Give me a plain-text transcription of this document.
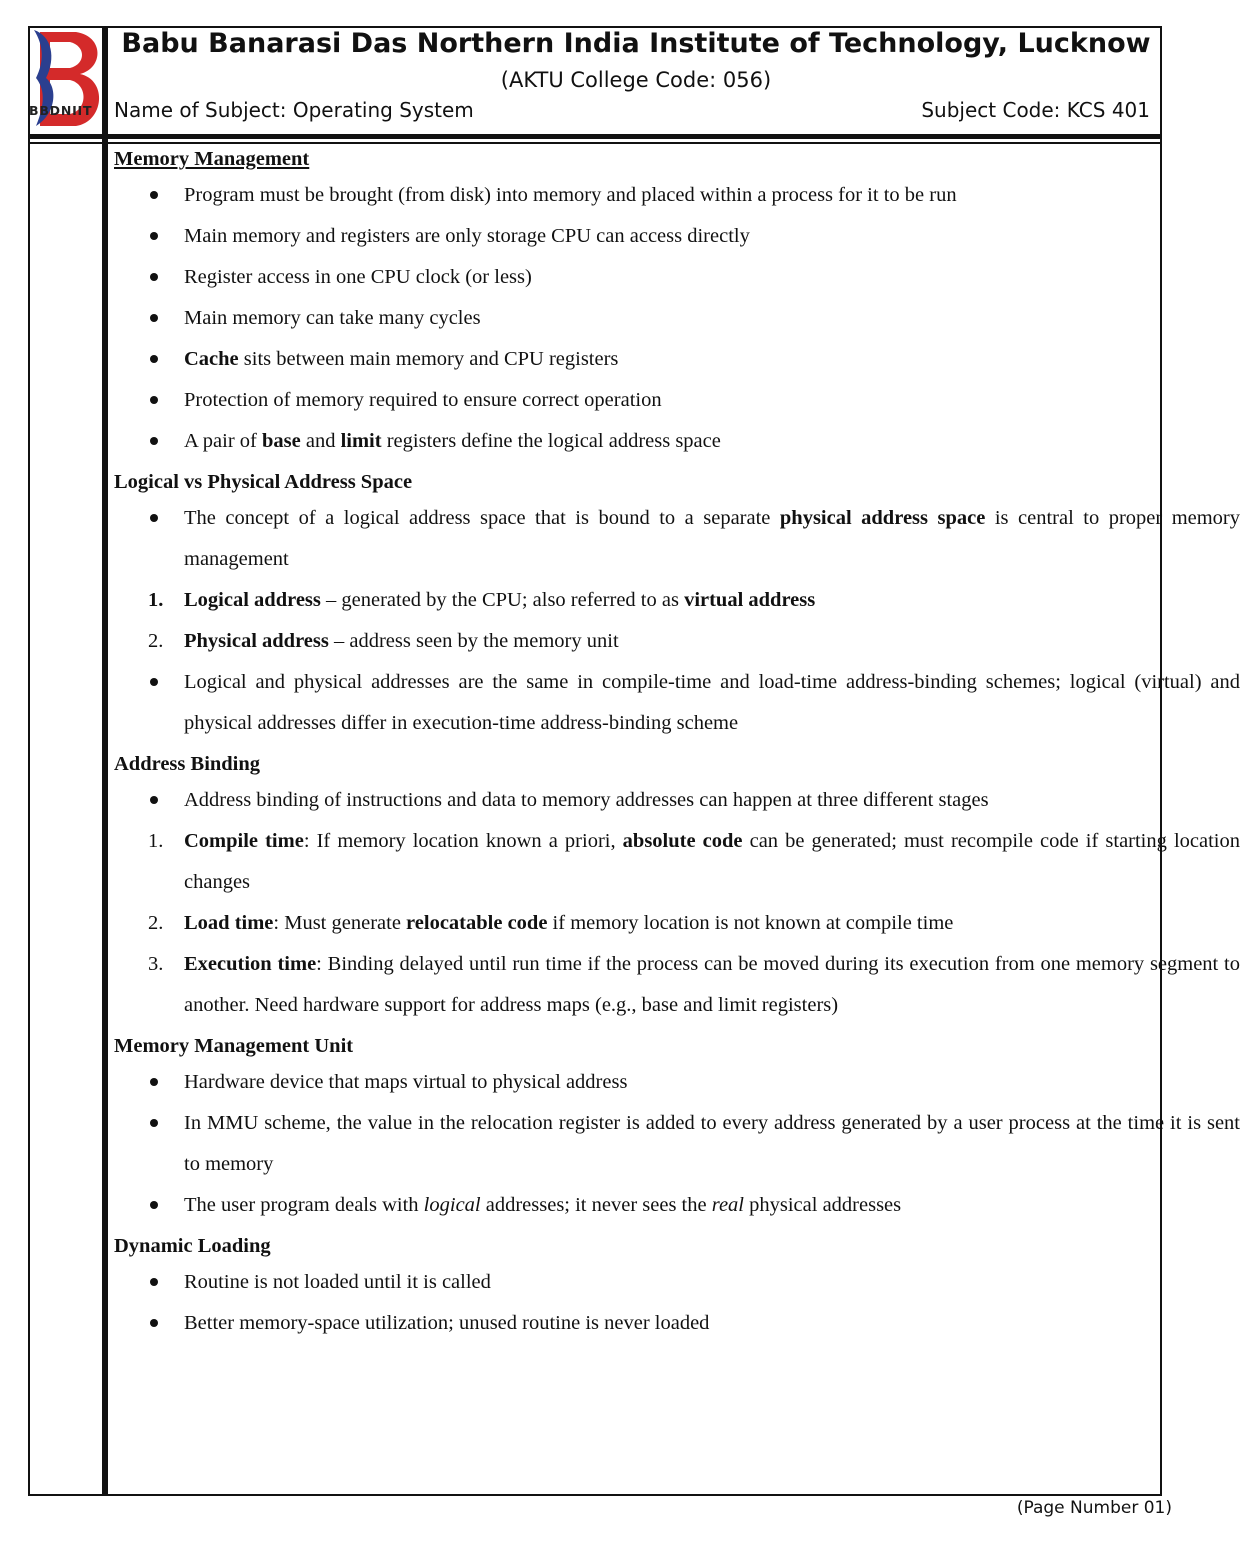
BBDNIIT
Babu Banarasi Das Northern India Institute of Technology, Lucknow
(AKTU College Code: 056)
Name of Subject: Operating System	Subject Code: KCS 401
Memory Management
Program must be brought (from disk) into memory and placed within a process for it to be run
Main memory and registers are only storage CPU can access directly
Register access in one CPU clock (or less)
Main memory can take many cycles
Cache sits between main memory and CPU registers
Protection of memory required to ensure correct operation
A pair of base and limit registers define the logical address space
Logical vs Physical Address Space
The concept of a logical address space that is bound to a separate physical address space is central to proper memory management
1. Logical address – generated by the CPU; also referred to as virtual address
2. Physical address – address seen by the memory unit
Logical and physical addresses are the same in compile-time and load-time address-binding schemes; logical (virtual) and physical addresses differ in execution-time address-binding scheme
Address Binding
Address binding of instructions and data to memory addresses can happen at three different stages
1. Compile time: If memory location known a priori, absolute code can be generated; must recompile code if starting location changes
2. Load time: Must generate relocatable code if memory location is not known at compile time
3. Execution time: Binding delayed until run time if the process can be moved during its execution from one memory segment to another. Need hardware support for address maps (e.g., base and limit registers)
Memory Management Unit
Hardware device that maps virtual to physical address
In MMU scheme, the value in the relocation register is added to every address generated by a user process at the time it is sent to memory
The user program deals with logical addresses; it never sees the real physical addresses
Dynamic Loading
Routine is not loaded until it is called
Better memory-space utilization; unused routine is never loaded
(Page Number 01)
